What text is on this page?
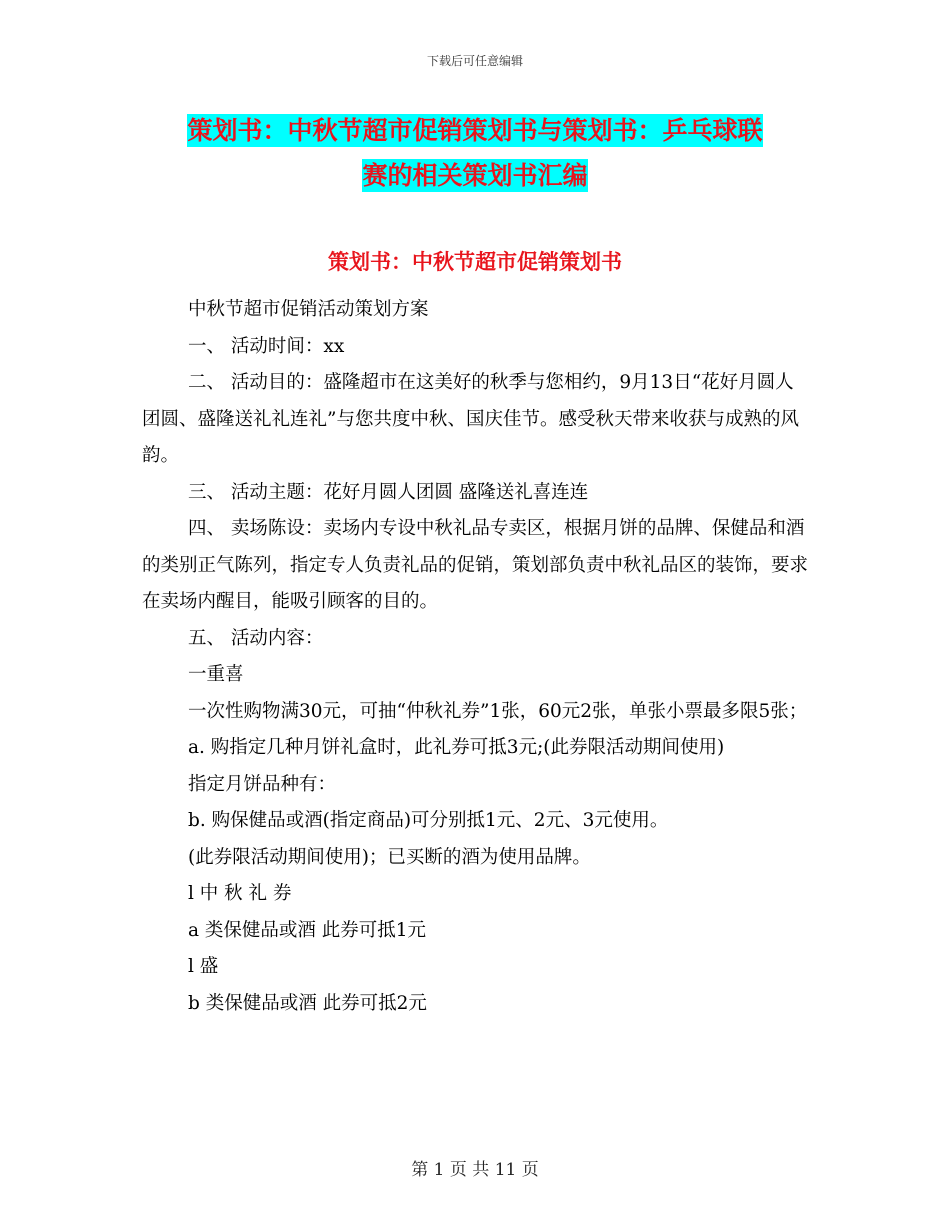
下载后可任意编辑
策划书：中秋节超市促销策划书与策划书：乒乓球联
赛的相关策划书汇编
策划书：中秋节超市促销策划书

中秋节超市促销活动策划方案

一、 活动时间：xx

二、 活动目的：盛隆超市在这美好的秋季与您相约，9月13日“花好月圆人团圆、盛隆送礼礼连礼”与您共度中秋、国庆佳节。感受秋天带来收获与成熟的风韵。

三、 活动主题：花好月圆人团圆 盛隆送礼喜连连

四、 卖场陈设：卖场内专设中秋礼品专卖区，根据月饼的品牌、保健品和酒的类别正气陈列，指定专人负责礼品的促销，策划部负责中秋礼品区的装饰，要求在卖场内醒目，能吸引顾客的目的。

五、 活动内容：

一重喜

一次性购物满30元，可抽“仲秋礼券”1张，60元2张，单张小票最多限5张；

a. 购指定几种月饼礼盒时，此礼券可抵3元;(此券限活动期间使用)

指定月饼品种有：

b. 购保健品或酒(指定商品)可分别抵1元、2元、3元使用。

(此券限活动期间使用)；已买断的酒为使用品牌。

l 中 秋 礼 券

a 类保健品或酒 此券可抵1元

l 盛

b 类保健品或酒 此券可抵2元

第 1 页 共 11 页
